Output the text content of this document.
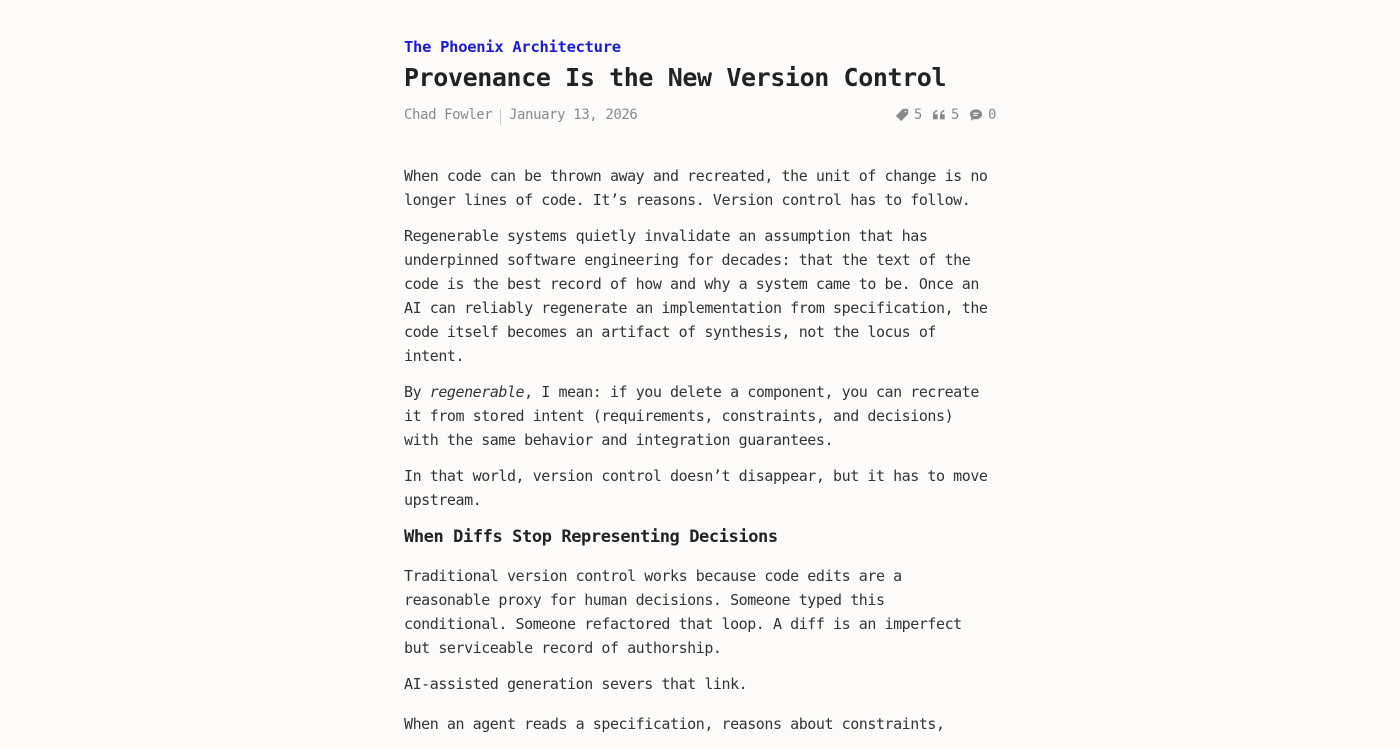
The Phoenix Architecture
Provenance Is the New Version Control
Chad Fowler January 13, 2026	5 5 0

When code can be thrown away and recreated, the unit of change is no longer lines of code. It’s reasons. Version control has to follow.

Regenerable systems quietly invalidate an assumption that has underpinned software engineering for decades: that the text of the code is the best record of how and why a system came to be. Once an AI can reliably regenerate an implementation from specification, the code itself becomes an artifact of synthesis, not the locus of intent.

By regenerable, I mean: if you delete a component, you can recreate it from stored intent (requirements, constraints, and decisions) with the same behavior and integration guarantees.

In that world, version control doesn’t disappear, but it has to move upstream.

When Diffs Stop Representing Decisions

Traditional version control works because code edits are a reasonable proxy for human decisions. Someone typed this conditional. Someone refactored that loop. A diff is an imperfect but serviceable record of authorship.

AI-assisted generation severs that link.

When an agent reads a specification, reasons about constraints,
